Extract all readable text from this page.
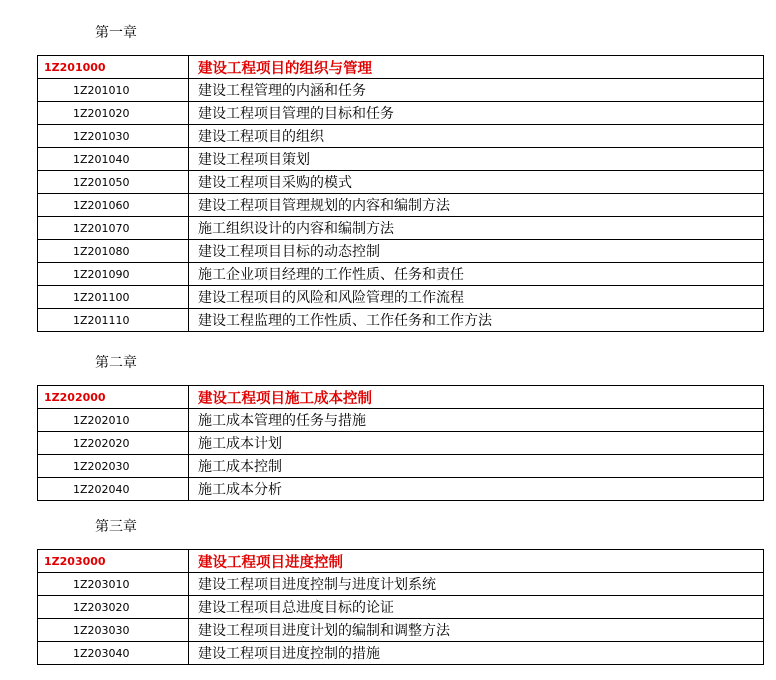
第一章
1Z201000	建设工程项目的组织与管理
1Z201010	建设工程管理的内涵和任务
1Z201020	建设工程项目管理的目标和任务
1Z201030	建设工程项目的组织
1Z201040	建设工程项目策划
1Z201050	建设工程项目采购的模式
1Z201060	建设工程项目管理规划的内容和编制方法
1Z201070	施工组织设计的内容和编制方法
1Z201080	建设工程项目目标的动态控制
1Z201090	施工企业项目经理的工作性质、任务和责任
1Z201100	建设工程项目的风险和风险管理的工作流程
1Z201110	建设工程监理的工作性质、工作任务和工作方法
第二章
1Z202000	建设工程项目施工成本控制
1Z202010	施工成本管理的任务与措施
1Z202020	施工成本计划
1Z202030	施工成本控制
1Z202040	施工成本分析
第三章
1Z203000	建设工程项目进度控制
1Z203010	建设工程项目进度控制与进度计划系统
1Z203020	建设工程项目总进度目标的论证
1Z203030	建设工程项目进度计划的编制和调整方法
1Z203040	建设工程项目进度控制的措施
